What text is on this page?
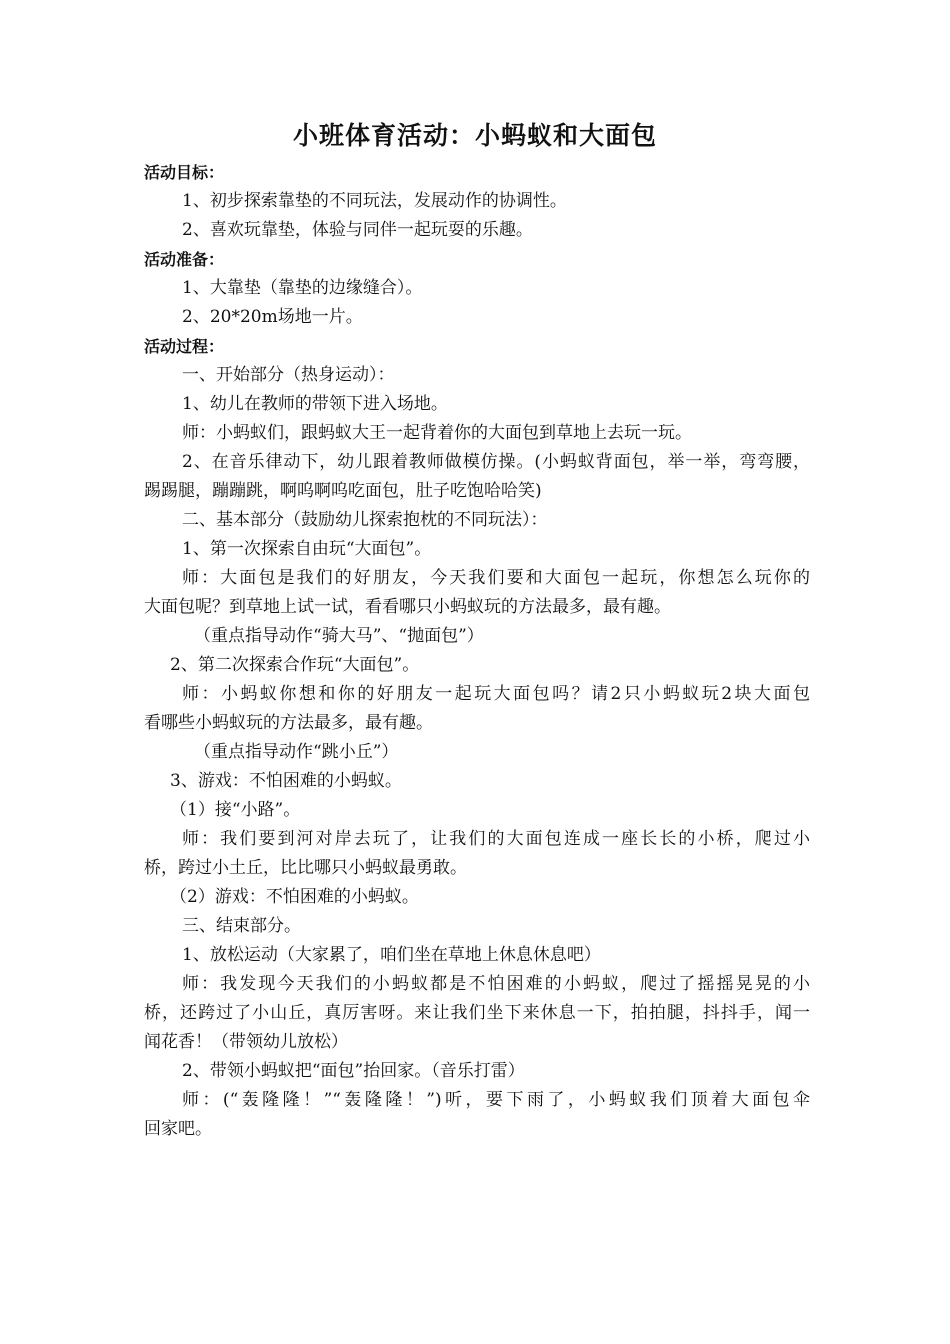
小班体育活动：小蚂蚁和大面包
活动目标：
1、初步探索靠垫的不同玩法，发展动作的协调性。
2、喜欢玩靠垫，体验与同伴一起玩耍的乐趣。
活动准备：
1、大靠垫（靠垫的边缘缝合）。
2、20*20m场地一片。
活动过程：
一、开始部分（热身运动）：
1、幼儿在教师的带领下进入场地。
师：小蚂蚁们，跟蚂蚁大王一起背着你的大面包到草地上去玩一玩。
2、在音乐律动下，幼儿跟着教师做模仿操。(小蚂蚁背面包，举一举，弯弯腰，
踢踢腿，蹦蹦跳，啊呜啊呜吃面包，肚子吃饱哈哈笑)
二、基本部分（鼓励幼儿探索抱枕的不同玩法）：
1、第一次探索自由玩“大面包”。
师：大面包是我们的好朋友，今天我们要和大面包一起玩，你想怎么玩你的
大面包呢？到草地上试一试，看看哪只小蚂蚁玩的方法最多，最有趣。
（重点指导动作“骑大马”、“抛面包”）
2、第二次探索合作玩“大面包”。
师：小蚂蚁你想和你的好朋友一起玩大面包吗？请2只小蚂蚁玩2块大面包
看哪些小蚂蚁玩的方法最多，最有趣。
（重点指导动作“跳小丘”）
3、游戏：不怕困难的小蚂蚁。
（1）接“小路”。
师：我们要到河对岸去玩了，让我们的大面包连成一座长长的小桥，爬过小
桥，跨过小土丘，比比哪只小蚂蚁最勇敢。
（2）游戏：不怕困难的小蚂蚁。
三、结束部分。
1、放松运动（大家累了，咱们坐在草地上休息休息吧）
师：我发现今天我们的小蚂蚁都是不怕困难的小蚂蚁，爬过了摇摇晃晃的小
桥，还跨过了小山丘，真厉害呀。来让我们坐下来休息一下，拍拍腿，抖抖手，闻一
闻花香！（带领幼儿放松）
2、带领小蚂蚁把“面包”抬回家。（音乐打雷）
师：(“轰隆隆！”“轰隆隆！”)听，要下雨了，小蚂蚁我们顶着大面包伞
回家吧。
